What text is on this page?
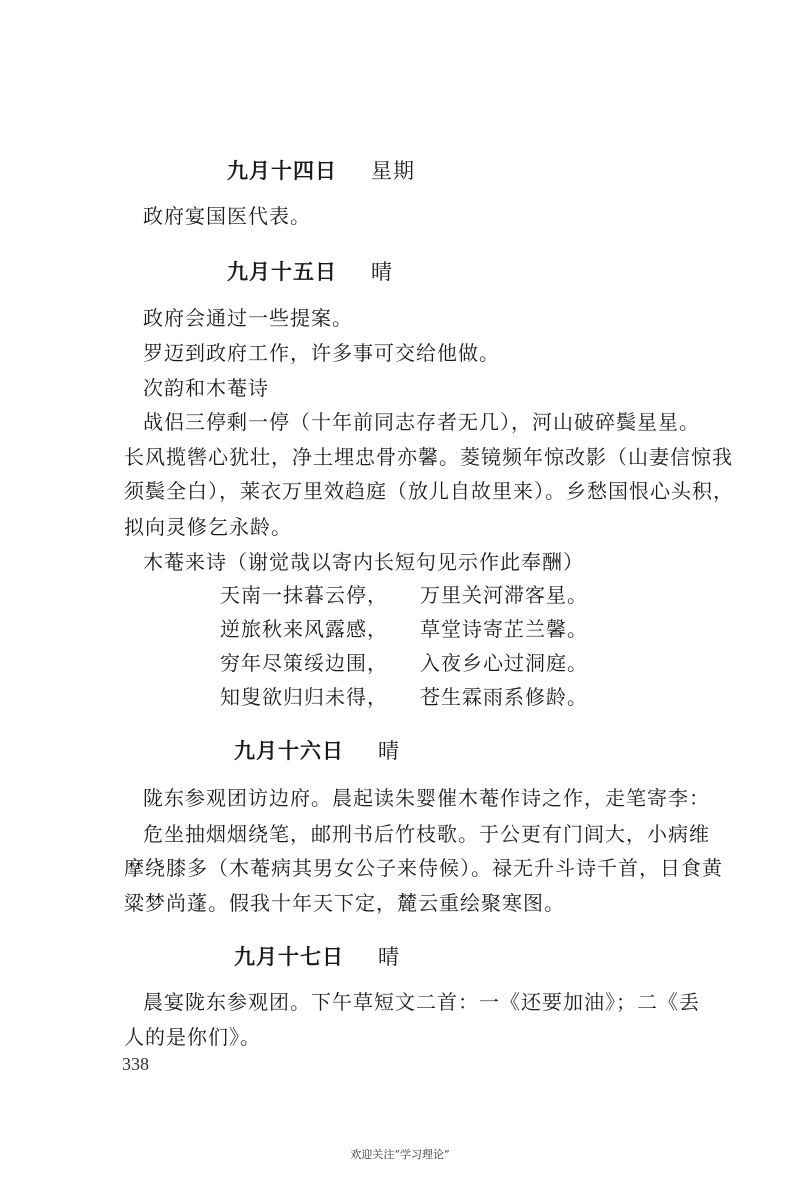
九月十四日 星期
政府宴国医代表。
九月十五日 晴
政府会通过一些提案。
罗迈到政府工作，许多事可交给他做。
次韵和木菴诗
战侣三停剩一停（十年前同志存者无几），河山破碎鬓星星。
长风揽辔心犹壮，净土埋忠骨亦馨。菱镜频年惊改影（山妻信惊我
须鬓全白），莱衣万里效趋庭（放儿自故里来）。乡愁国恨心头积，
拟向灵修乞永龄。
木菴来诗（谢觉哉以寄内长短句见示作此奉酬）
天南一抹暮云停， 万里关河滞客星。
逆旅秋来风露感， 草堂诗寄芷兰馨。
穷年尽策绥边围， 入夜乡心过洞庭。
知叟欲归归未得， 苍生霖雨系修龄。
九月十六日 晴
陇东参观团访边府。晨起读朱婴催木菴作诗之作，走笔寄李：
危坐抽烟烟绕笔，邮刑书后竹枝歌。于公更有门闾大，小病维
摩绕膝多（木菴病其男女公子来侍候）。禄无升斗诗千首，日食黄
粱梦尚蓬。假我十年天下定，麓云重绘聚寒图。
九月十七日 晴
晨宴陇东参观团。下午草短文二首：一《还要加油》；二《丢
人的是你们》。
338
欢迎关注“学习理论”
